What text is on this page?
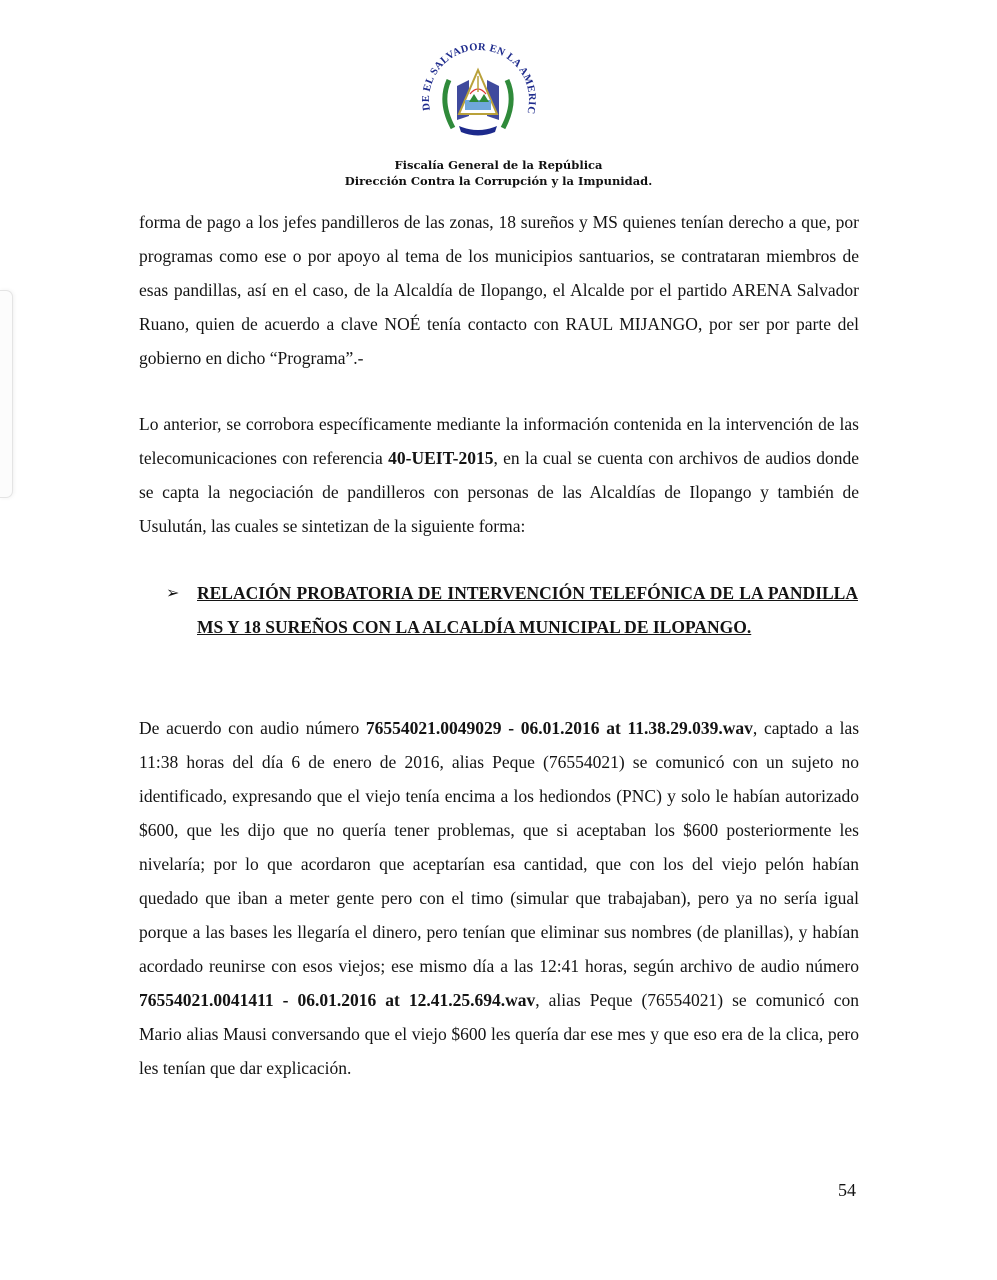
DE EL SALVADOR EN LA AMERIC
Fiscalía General de la República
Dirección Contra la Corrupción y la Impunidad.
forma de pago a los jefes pandilleros de las zonas, 18 sureños y MS quienes tenían derecho a que, por programas como ese o por apoyo al tema de los municipios santuarios, se contrataran miembros de esas pandillas, así en el caso, de la Alcaldía de Ilopango, el Alcalde por el partido ARENA Salvador Ruano, quien de acuerdo a clave NOÉ tenía contacto con RAUL MIJANGO, por ser por parte del gobierno en dicho “Programa”.-
Lo anterior, se corrobora específicamente mediante la información contenida en la intervención de las telecomunicaciones con referencia 40-UEIT-2015, en la cual se cuenta con archivos de audios donde se capta la negociación de pandilleros con personas de las Alcaldías de Ilopango y también de Usulután, las cuales se sintetizan de la siguiente forma:
➢ RELACIÓN PROBATORIA DE INTERVENCIÓN TELEFÓNICA DE LA PANDILLA MS Y 18 SUREÑOS CON LA ALCALDÍA MUNICIPAL DE ILOPANGO.
De acuerdo con audio número 76554021.0049029 - 06.01.2016 at 11.38.29.039.wav, captado a las 11:38 horas del día 6 de enero de 2016, alias Peque (76554021) se comunicó con un sujeto no identificado, expresando que el viejo tenía encima a los hediondos (PNC) y solo le habían autorizado $600, que les dijo que no quería tener problemas, que si aceptaban los $600 posteriormente les nivelaría; por lo que acordaron que aceptarían esa cantidad, que con los del viejo pelón habían quedado que iban a meter gente pero con el timo (simular que trabajaban), pero ya no sería igual porque a las bases les llegaría el dinero, pero tenían que eliminar sus nombres (de planillas), y habían acordado reunirse con esos viejos; ese mismo día a las 12:41 horas, según archivo de audio número 76554021.0041411 - 06.01.2016 at 12.41.25.694.wav, alias Peque (76554021) se comunicó con Mario alias Mausi conversando que el viejo $600 les quería dar ese mes y que eso era de la clica, pero les tenían que dar explicación.
54
